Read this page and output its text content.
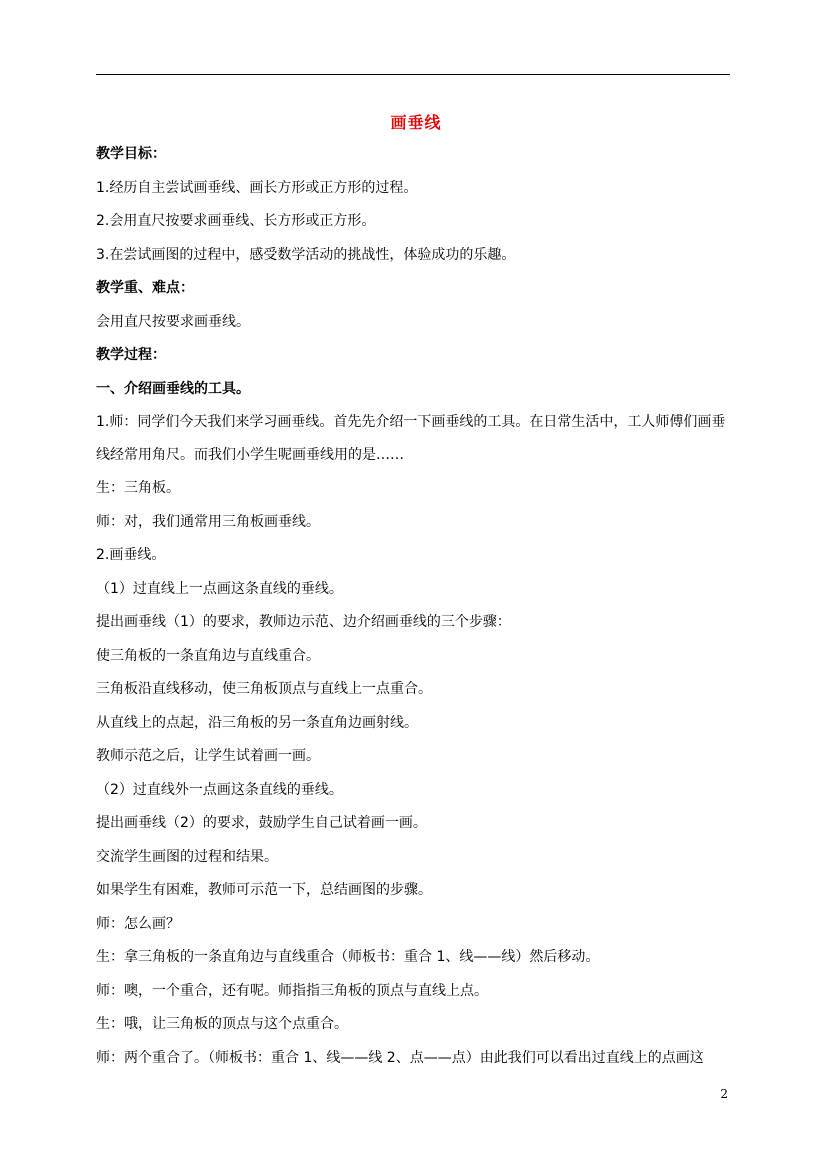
画垂线
教学目标：
1.经历自主尝试画垂线、画长方形或正方形的过程。
2.会用直尺按要求画垂线、长方形或正方形。
3.在尝试画图的过程中，感受数学活动的挑战性，体验成功的乐趣。
教学重、难点：
会用直尺按要求画垂线。
教学过程：
一、介绍画垂线的工具。
1.师：同学们今天我们来学习画垂线。首先先介绍一下画垂线的工具。在日常生活中，工人师傅们画垂线经常用角尺。而我们小学生呢画垂线用的是……
生：三角板。
师：对，我们通常用三角板画垂线。
2.画垂线。
（1）过直线上一点画这条直线的垂线。
提出画垂线（1）的要求，教师边示范、边介绍画垂线的三个步骤：
使三角板的一条直角边与直线重合。
三角板沿直线移动，使三角板顶点与直线上一点重合。
从直线上的点起，沿三角板的另一条直角边画射线。
教师示范之后，让学生试着画一画。
（2）过直线外一点画这条直线的垂线。
提出画垂线（2）的要求，鼓励学生自己试着画一画。
交流学生画图的过程和结果。
如果学生有困难，教师可示范一下，总结画图的步骤。
师：怎么画？
生：拿三角板的一条直角边与直线重合（师板书：重合 1、线——线）然后移动。
师：噢，一个重合，还有呢。师指指三角板的顶点与直线上点。
生：哦，让三角板的顶点与这个点重合。
师：两个重合了。（师板书：重合 1、线——线 2、点——点）由此我们可以看出过直线上的点画这
2
